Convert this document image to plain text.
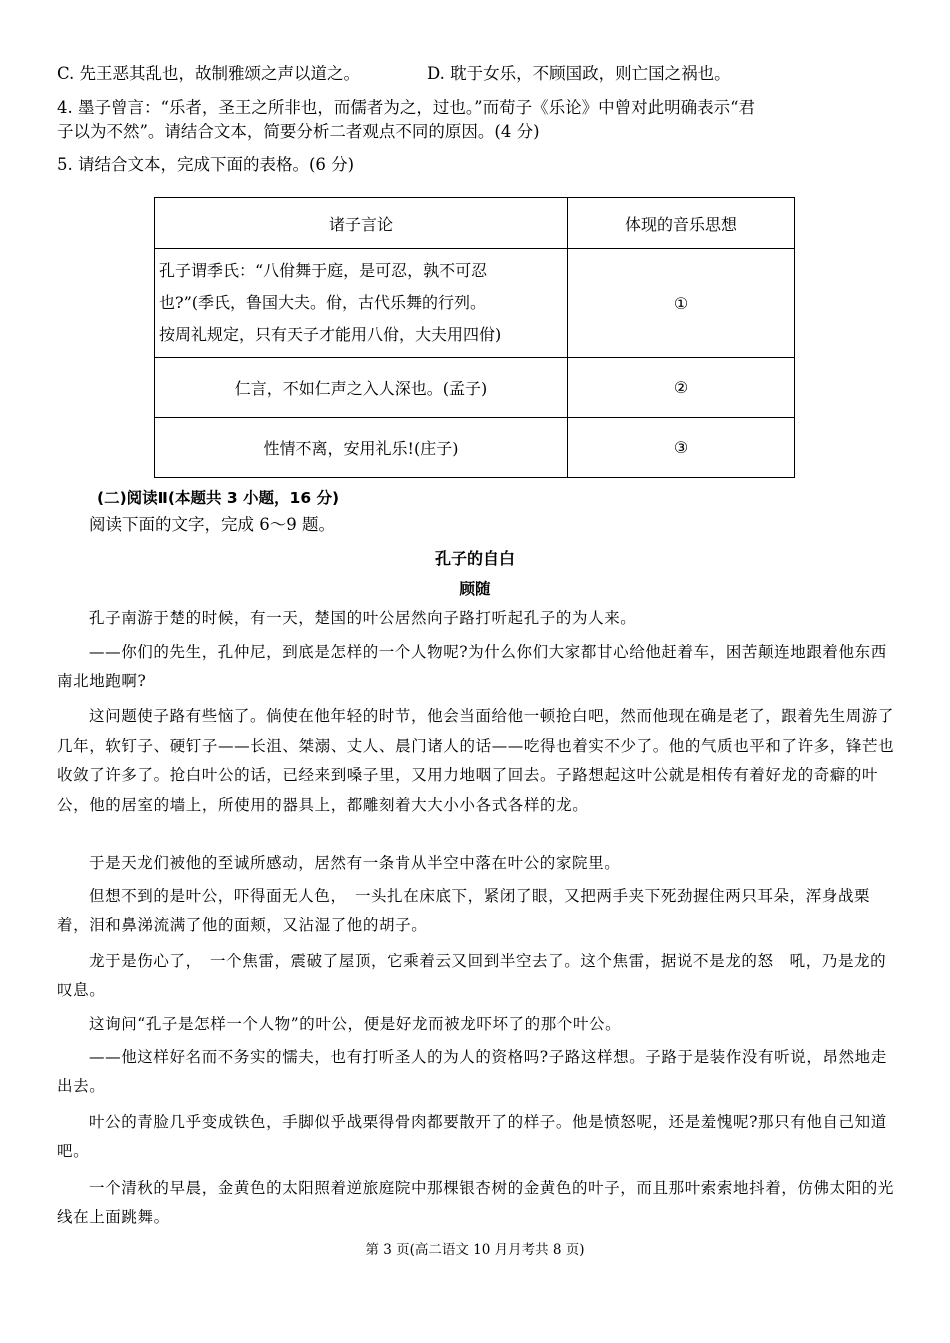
C. 先王恶其乱也，故制雅颂之声以道之。	D. 耽于女乐，不顾国政，则亡国之祸也。
4. 墨子曾言：“乐者，圣王之所非也，而儒者为之，过也。”而荀子《乐论》中曾对此明确表示“君
子以为不然”。请结合文本，简要分析二者观点不同的原因。(4 分)
5. 请结合文本，完成下面的表格。(6 分)
诸子言论	体现的音乐思想

孔子谓季氏：“八佾舞于庭，是可忍，孰不可忍
也?”(季氏，鲁国大夫。佾，古代乐舞的行列。
按周礼规定，只有天子才能用八佾，大夫用四佾)	①
仁言，不如仁声之入人深也。(孟子)	②
性情不离，安用礼乐!(庄子)	③
(二)阅读Ⅱ(本题共 3 小题，16 分)
阅读下面的文字，完成 6～9 题。
孔子的自白
顾随
孔子南游于楚的时候，有一天，楚国的叶公居然向子路打听起孔子的为人来。
——你们的先生，孔仲尼，到底是怎样的一个人物呢?为什么你们大家都甘心给他赶着车，困苦颠连地跟着他东西南北地跑啊?
这问题使子路有些恼了。倘使在他年轻的时节，他会当面给他一顿抢白吧，然而他现在确是老了，跟着先生周游了几年，软钉子、硬钉子——长沮、桀溺、丈人、晨门诸人的话——吃得也着实不少了。他的气质也平和了许多，锋芒也收敛了许多了。抢白叶公的话，已经来到嗓子里，又用力地咽了回去。子路想起这叶公就是相传有着好龙的奇癖的叶公，他的居室的墙上，所使用的器具上，都雕刻着大大小小各式各样的龙。
于是天龙们被他的至诚所感动，居然有一条肯从半空中落在叶公的家院里。
但想不到的是叶公，吓得面无人色，　一头扎在床底下，紧闭了眼，又把两手夹下死劲握住两只耳朵，浑身战栗着，泪和鼻涕流满了他的面颊，又沾湿了他的胡子。
龙于是伤心了，　一个焦雷，震破了屋顶，它乘着云又回到半空去了。这个焦雷，据说不是龙的怒　吼，乃是龙的叹息。
这询问“孔子是怎样一个人物”的叶公，便是好龙而被龙吓坏了的那个叶公。
——他这样好名而不务实的懦夫，也有打听圣人的为人的资格吗?子路这样想。子路于是装作没有听说，昂然地走出去。
叶公的青脸几乎变成铁色，手脚似乎战栗得骨肉都要散开了的样子。他是愤怒呢，还是羞愧呢?那只有他自己知道吧。
一个清秋的早晨，金黄色的太阳照着逆旅庭院中那棵银杏树的金黄色的叶子，而且那叶索索地抖着，仿佛太阳的光线在上面跳舞。
第 3 页(高二语文 10 月月考共 8 页)
